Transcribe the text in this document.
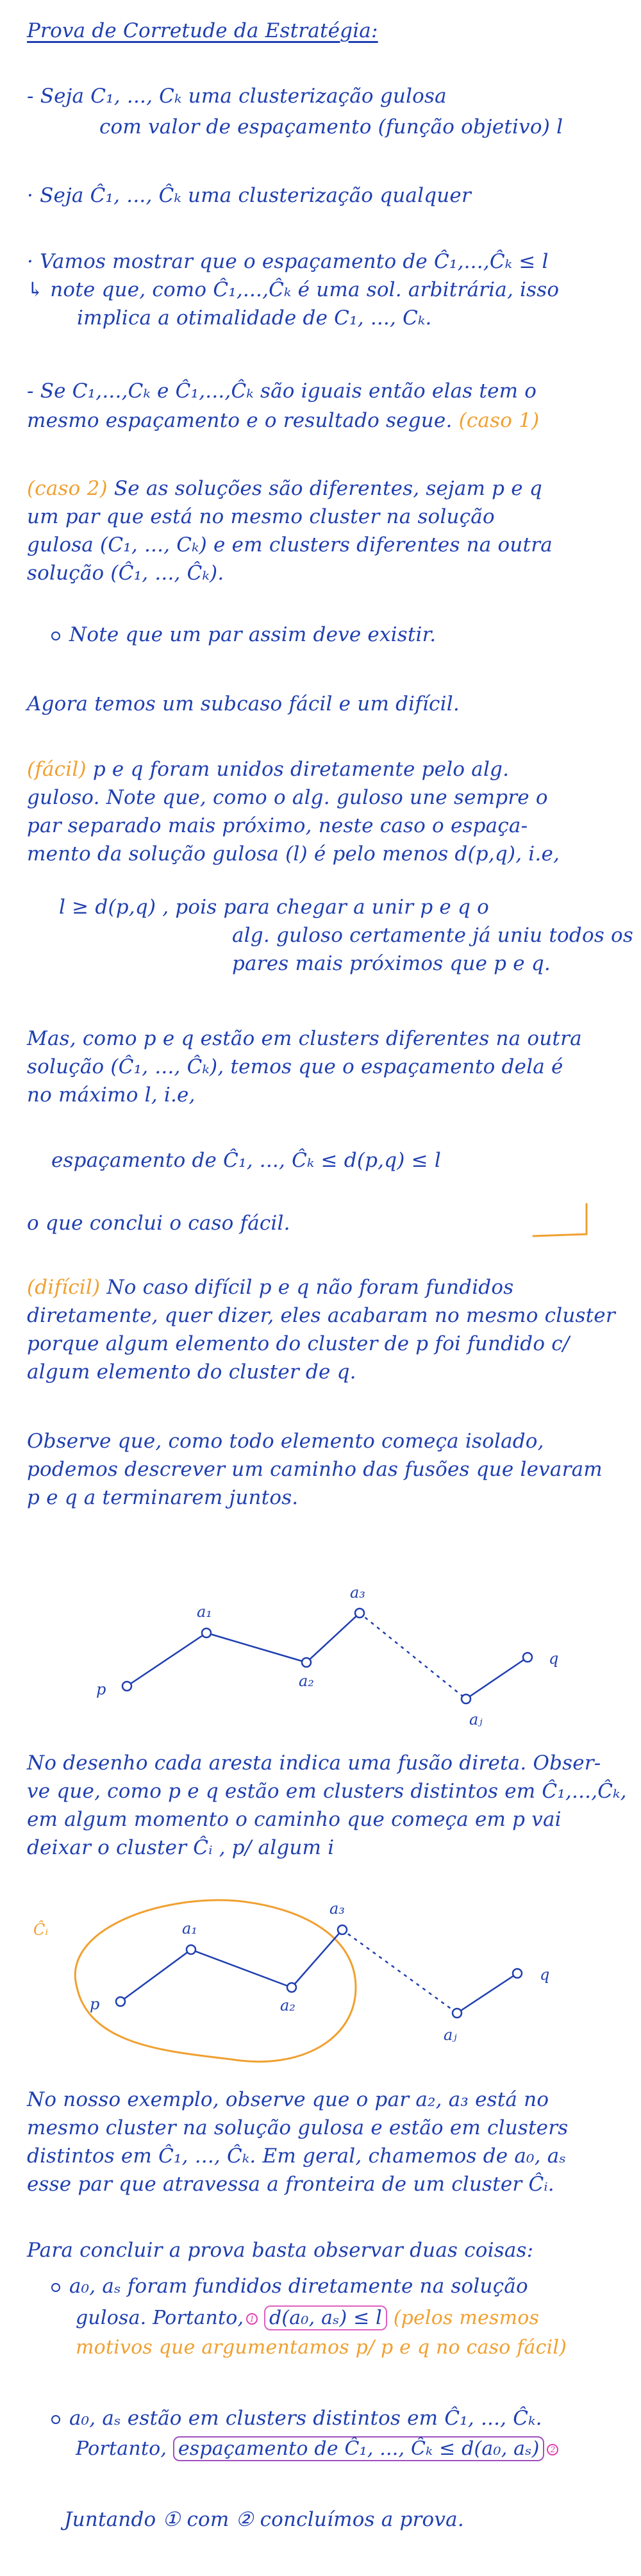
Prova de Corretude da Estratégia:
- Seja C₁, ..., Cₖ uma clusterização gulosa
com valor de espaçamento (função objetivo) l
· Seja Ĉ₁, ..., Ĉₖ uma clusterização qualquer
· Vamos mostrar que o espaçamento de Ĉ₁,...,Ĉₖ ≤ l
↳ note que, como Ĉ₁,...,Ĉₖ é uma sol. arbitrária, isso
implica a otimalidade de C₁, ..., Cₖ.
- Se C₁,...,Cₖ e Ĉ₁,...,Ĉₖ são iguais então elas tem o
mesmo espaçamento e o resultado segue. (caso 1)
(caso 2) Se as soluções são diferentes, sejam p e q
um par que está no mesmo cluster na solução
gulosa (C₁, ..., Cₖ) e em clusters diferentes na outra
solução (Ĉ₁, ..., Ĉₖ).
Note que um par assim deve existir.
Agora temos um subcaso fácil e um difícil.
(fácil) p e q foram unidos diretamente pelo alg.
guloso. Note que, como o alg. guloso une sempre o
par separado mais próximo, neste caso o espaça-
mento da solução gulosa (l) é pelo menos d(p,q), i.e,
l ≥ d(p,q) , pois para chegar a unir p e q o
alg. guloso certamente já uniu todos os
pares mais próximos que p e q.
Mas, como p e q estão em clusters diferentes na outra
solução (Ĉ₁, ..., Ĉₖ), temos que o espaçamento dela é
no máximo l, i.e,
espaçamento de Ĉ₁, ..., Ĉₖ ≤ d(p,q) ≤ l
o que conclui o caso fácil.
(difícil) No caso difícil p e q não foram fundidos
diretamente, quer dizer, eles acabaram no mesmo cluster
porque algum elemento do cluster de p foi fundido c/
algum elemento do cluster de q.
Observe que, como todo elemento começa isolado,
podemos descrever um caminho das fusões que levaram
p e q a terminarem juntos.
p
a₁
a₂
a₃
aⱼ
q
No desenho cada aresta indica uma fusão direta. Obser-
ve que, como p e q estão em clusters distintos em Ĉ₁,...,Ĉₖ,
em algum momento o caminho que começa em p vai
deixar o cluster Ĉᵢ , p/ algum i
Ĉᵢ
p
a₁
a₂
a₃
aⱼ
q
No nosso exemplo, observe que o par a₂, a₃ está no
mesmo cluster na solução gulosa e estão em clusters
distintos em Ĉ₁, ..., Ĉₖ. Em geral, chamemos de a₀, aₛ
esse par que atravessa a fronteira de um cluster Ĉᵢ.
Para concluir a prova basta observar duas coisas:
a₀, aₛ foram fundidos diretamente na solução
gulosa. Portanto, 1 d(a₀, aₛ) ≤ l (pelos mesmos
motivos que argumentamos p/ p e q no caso fácil)
a₀, aₛ estão em clusters distintos em Ĉ₁, ..., Ĉₖ.
Portanto, espaçamento de Ĉ₁, ..., Ĉₖ ≤ d(a₀, aₛ) 2
Juntando ① com ② concluímos a prova.
